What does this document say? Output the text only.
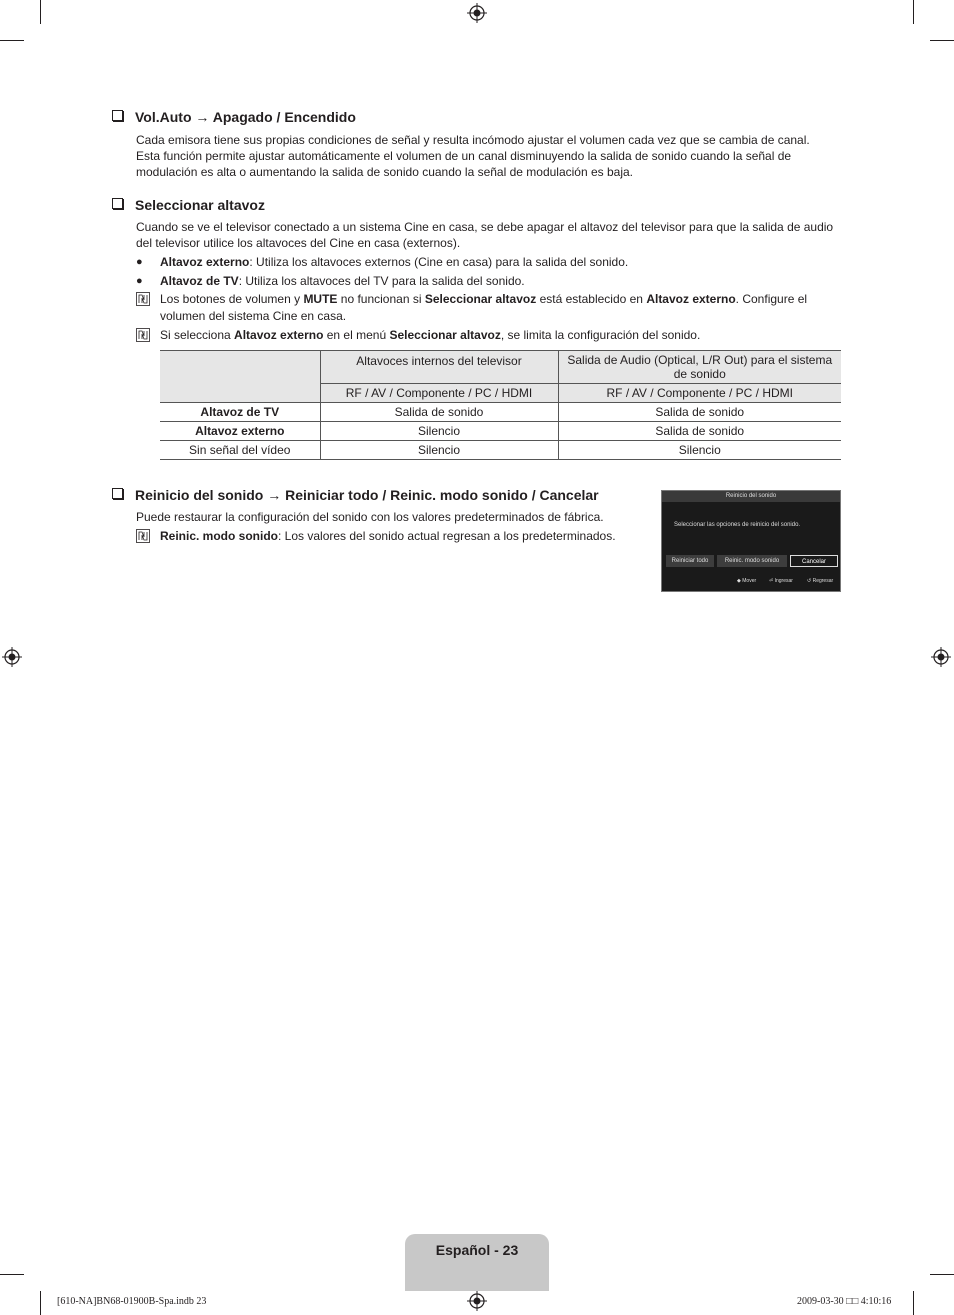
Vol.Auto → Apagado / Encendido
Cada emisora tiene sus propias condiciones de señal y resulta incómodo ajustar el volumen cada vez que se cambia de canal. Esta función permite ajustar automáticamente el volumen de un canal disminuyendo la salida de sonido cuando la señal de modulación es alta o aumentando la salida de sonido cuando la señal de modulación es baja.
Seleccionar altavoz
Cuando se ve el televisor conectado a un sistema Cine en casa, se debe apagar el altavoz del televisor para que la salida de audio del televisor utilice los altavoces del Cine en casa (externos).
● Altavoz externo: Utiliza los altavoces externos (Cine en casa) para la salida del sonido.
● Altavoz de TV: Utiliza los altavoces del TV para la salida del sonido.
Los botones de volumen y MUTE no funcionan si Seleccionar altavoz está establecido en Altavoz externo. Configure el volumen del sistema Cine en casa.
Si selecciona Altavoz externo en el menú Seleccionar altavoz, se limita la configuración del sonido.
	Altavoces internos del televisor	Salida de Audio (Optical, L/R Out) para el sistema de sonido
	RF / AV / Componente / PC / HDMI	RF / AV / Componente / PC / HDMI
Altavoz de TV	Salida de sonido	Salida de sonido
Altavoz externo	Silencio	Salida de sonido
Sin señal del vídeo	Silencio	Silencio
Reinicio del sonido → Reiniciar todo / Reinic. modo sonido / Cancelar
Puede restaurar la configuración del sonido con los valores predeterminados de fábrica.
Reinic. modo sonido: Los valores del sonido actual regresan a los predeterminados.
Reinicio del sonido
Seleccionar las opciones de reinicio del sonido.
Reiniciar todo	Reinic. modo sonido	Cancelar
◆ Mover	⏎ Ingresar	↺ Regresar
Español - 23
[610-NA]BN68-01900B-Spa.indb 23	2009-03-30 □□ 4:10:16
